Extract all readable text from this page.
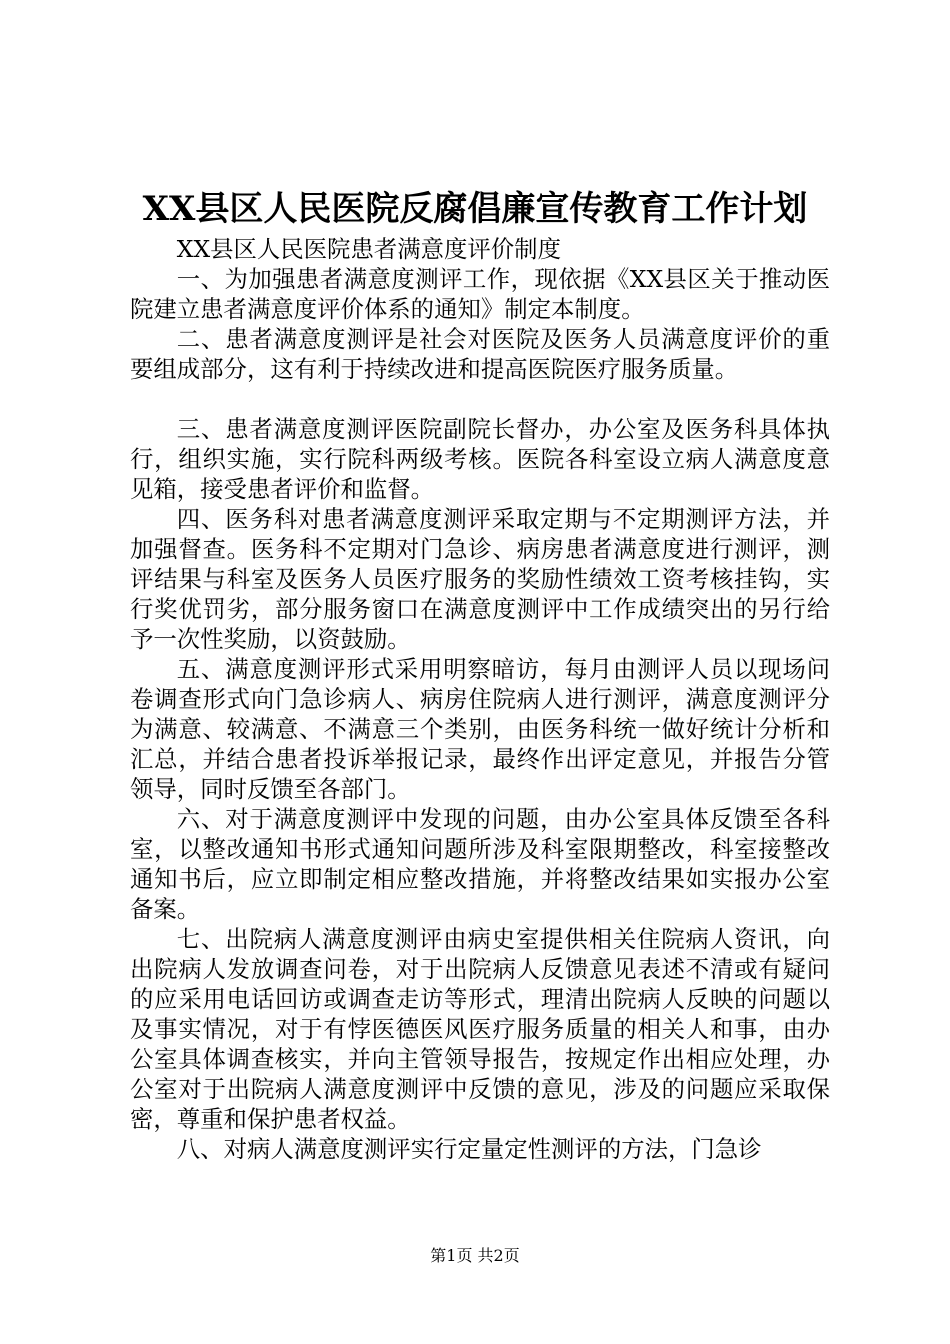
XX县区人民医院反腐倡廉宣传教育工作计划

XX县区人民医院患者满意度评价制度

一、为加强患者满意度测评工作，现依据《XX县区关于推动医院建立患者满意度评价体系的通知》制定本制度。

二、患者满意度测评是社会对医院及医务人员满意度评价的重要组成部分，这有利于持续改进和提高医院医疗服务质量。

三、患者满意度测评医院副院长督办，办公室及医务科具体执行，组织实施，实行院科两级考核。医院各科室设立病人满意度意见箱，接受患者评价和监督。

四、医务科对患者满意度测评采取定期与不定期测评方法，并加强督查。医务科不定期对门急诊、病房患者满意度进行测评，测评结果与科室及医务人员医疗服务的奖励性绩效工资考核挂钩，实行奖优罚劣，部分服务窗口在满意度测评中工作成绩突出的另行给予一次性奖励，以资鼓励。

五、满意度测评形式采用明察暗访，每月由测评人员以现场问卷调查形式向门急诊病人、病房住院病人进行测评，满意度测评分为满意、较满意、不满意三个类别，由医务科统一做好统计分析和汇总，并结合患者投诉举报记录，最终作出评定意见，并报告分管领导，同时反馈至各部门。

六、对于满意度测评中发现的问题，由办公室具体反馈至各科室，以整改通知书形式通知问题所涉及科室限期整改，科室接整改通知书后，应立即制定相应整改措施，并将整改结果如实报办公室备案。

七、出院病人满意度测评由病史室提供相关住院病人资讯，向出院病人发放调查问卷，对于出院病人反馈意见表述不清或有疑问的应采用电话回访或调查走访等形式，理清出院病人反映的问题以及事实情况，对于有悖医德医风医疗服务质量的相关人和事，由办公室具体调查核实，并向主管领导报告，按规定作出相应处理，办公室对于出院病人满意度测评中反馈的意见，涉及的问题应采取保密，尊重和保护患者权益。

八、对病人满意度测评实行定量定性测评的方法，门急诊

第1页 共2页
